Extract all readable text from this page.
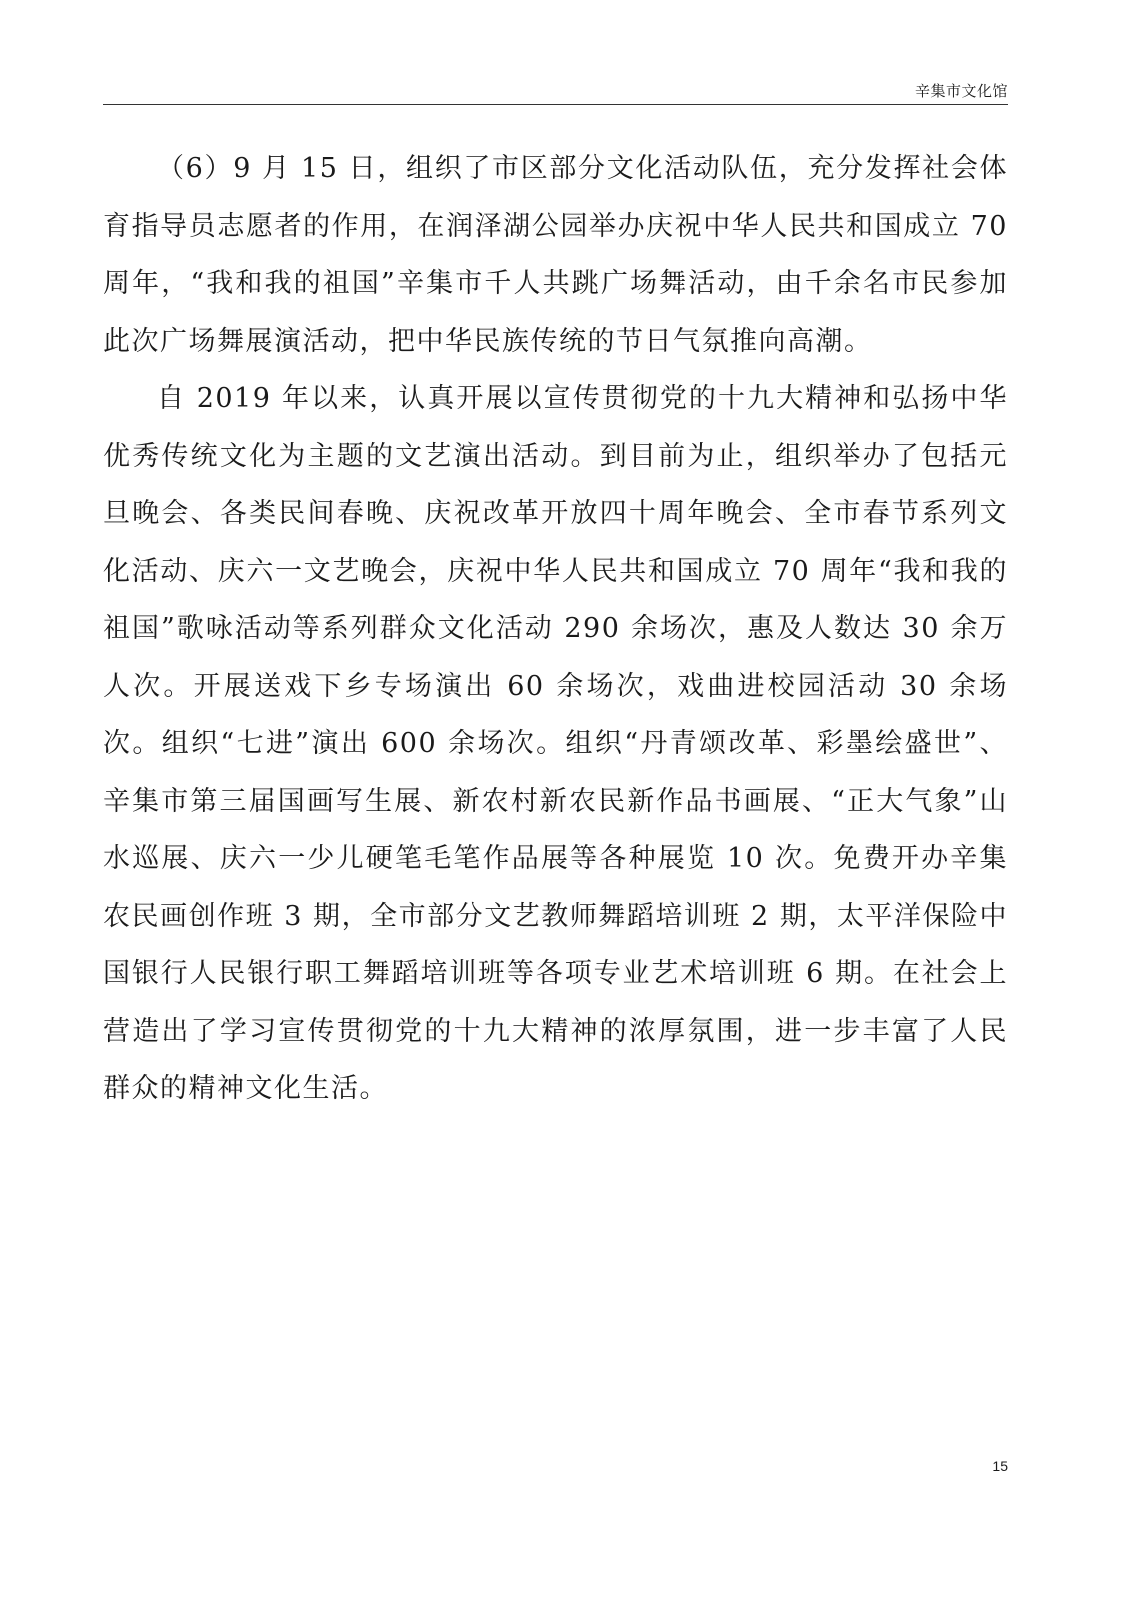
辛集市文化馆

（6）9 月 15 日，组织了市区部分文化活动队伍，充分发挥社会体育指导员志愿者的作用，在润泽湖公园举办庆祝中华人民共和国成立 70 周年，“我和我的祖国”辛集市千人共跳广场舞活动，由千余名市民参加此次广场舞展演活动，把中华民族传统的节日气氛推向高潮。

自 2019 年以来，认真开展以宣传贯彻党的十九大精神和弘扬中华优秀传统文化为主题的文艺演出活动。到目前为止，组织举办了包括元旦晚会、各类民间春晚、庆祝改革开放四十周年晚会、全市春节系列文化活动、庆六一文艺晚会，庆祝中华人民共和国成立 70 周年“我和我的祖国”歌咏活动等系列群众文化活动 290 余场次，惠及人数达 30 余万人次。开展送戏下乡专场演出 60 余场次，戏曲进校园活动 30 余场次。组织“七进”演出 600 余场次。组织“丹青颂改革、彩墨绘盛世”、辛集市第三届国画写生展、新农村新农民新作品书画展、“正大气象”山水巡展、庆六一少儿硬笔毛笔作品展等各种展览 10 次。免费开办辛集农民画创作班 3 期，全市部分文艺教师舞蹈培训班 2 期，太平洋保险中国银行人民银行职工舞蹈培训班等各项专业艺术培训班 6 期。在社会上营造出了学习宣传贯彻党的十九大精神的浓厚氛围，进一步丰富了人民群众的精神文化生活。

15
